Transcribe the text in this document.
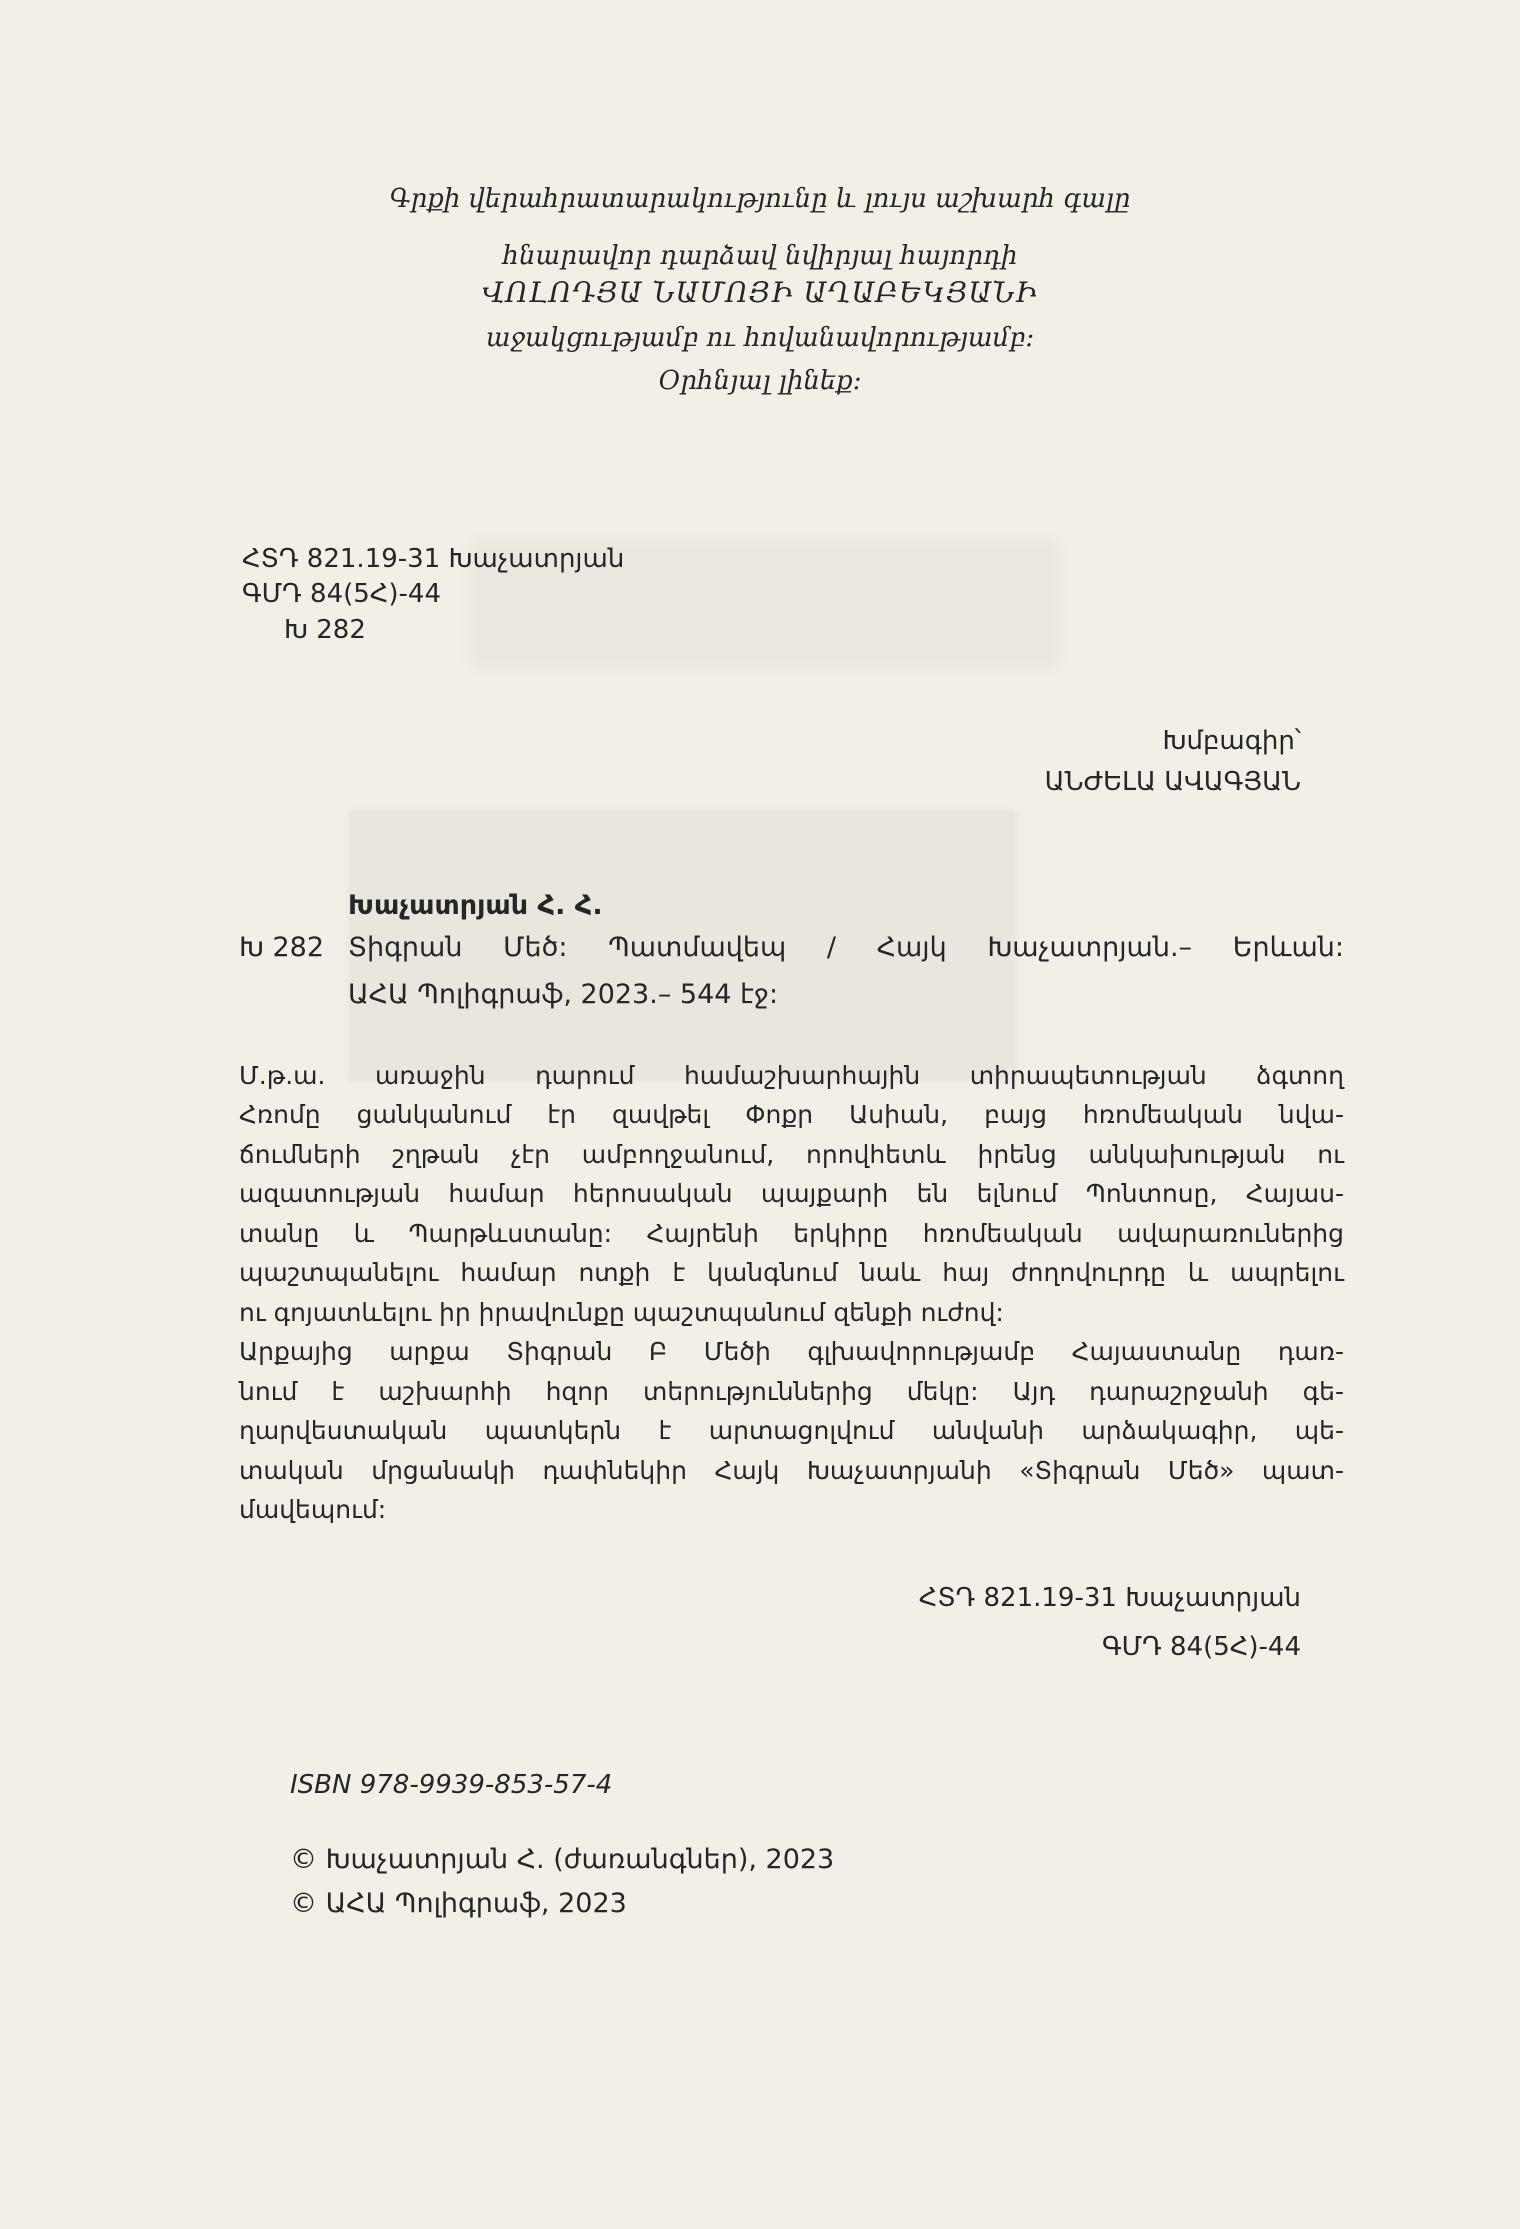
Գրքի վերահրատարակությունը և լույս աշխարհ գալը
հնարավոր դարձավ նվիրյալ հայորդի
ՎՈԼՈԴՅԱ ՆԱՄՈՅԻ ԱՂԱԲԵԿՅԱՆԻ
աջակցությամբ ու հովանավորությամբ:
Օրհնյալ լինեք:
ՀՏԴ 821.19-31 Խաչատրյան
ԳՄԴ 84(5Հ)-44
Խ 282
Խմբագիր՝
ԱՆԺԵԼԱ ԱՎԱԳՅԱՆ
Խաչատրյան Հ. Հ.
Խ 282 Տիգրան Մեծ: Պատմավեպ / Հայկ Խաչատրյան.– Երևան:
ԱՀԱ Պոլիգրաֆ, 2023.– 544 էջ:
Մ.թ.ա. առաջին դարում համաշխարհային տիրապետության ձգտող
Հռոմը ցանկանում էր զավթել Փոքր Ասիան, բայց հռոմեական նվա-
ճումների շղթան չէր ամբողջանում, որովհետև իրենց անկախության ու
ազատության համար հերոսական պայքարի են ելնում Պոնտոսը, Հայաս-
տանը և Պարթևստանը: Հայրենի երկիրը հռոմեական ավարառուներից
պաշտպանելու համար ոտքի է կանգնում նաև հայ ժողովուրդը և ապրելու
ու գոյատևելու իր իրավունքը պաշտպանում զենքի ուժով:
Արքայից արքա Տիգրան Բ Մեծի գլխավորությամբ Հայաստանը դառ-
նում է աշխարհի հզոր տերություններից մեկը: Այդ դարաշրջանի գե-
ղարվեստական պատկերն է արտացոլվում անվանի արձակագիր, պե-
տական մրցանակի դափնեկիր Հայկ Խաչատրյանի «Տիգրան Մեծ» պատ-
մավեպում:
ՀՏԴ 821.19-31 Խաչատրյան
ԳՄԴ 84(5Հ)-44
ISBN 978-9939-853-57-4
© Խաչատրյան Հ. (ժառանգներ), 2023
© ԱՀԱ Պոլիգրաֆ, 2023
